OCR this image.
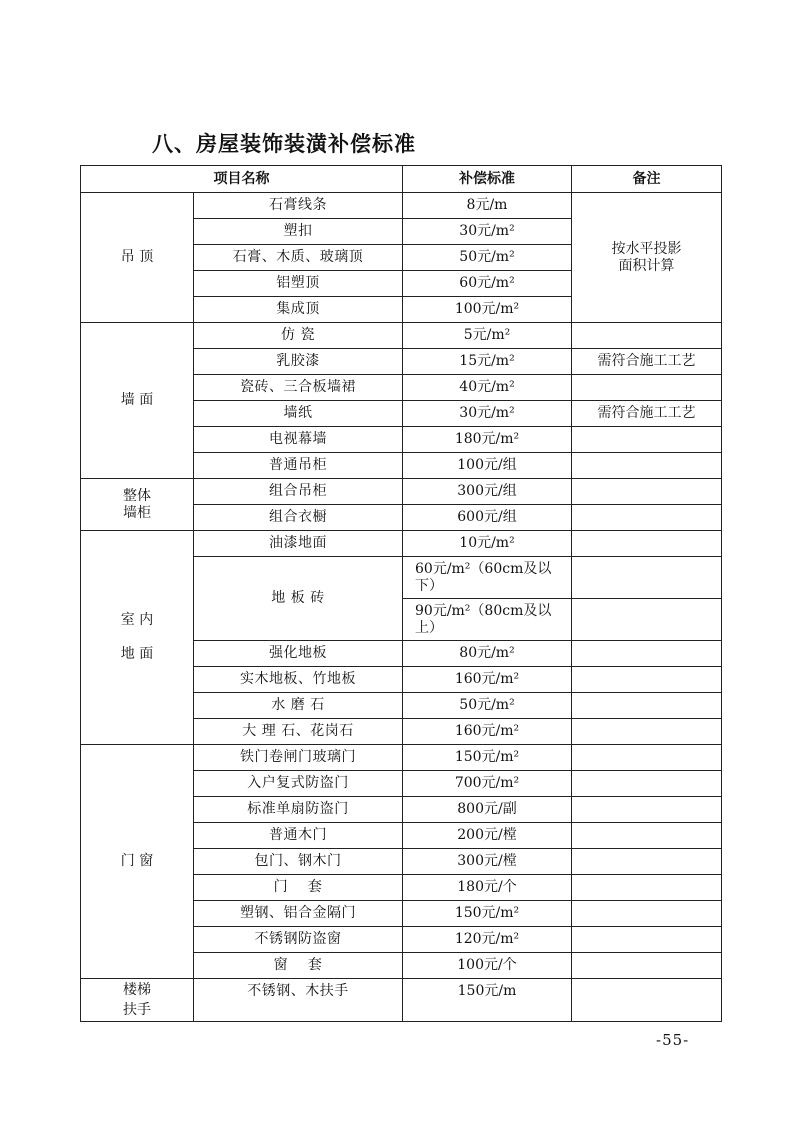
八、房屋装饰装潢补偿标准
项目名称		补偿标准	备注
吊 顶	石膏线条	8元/m	按水平投影
面积计算
	塑扣	30元/m²	
	石膏、木质、玻璃顶	50元/m²	
	铝塑顶	60元/m²	
	集成顶	100元/m²	
墙 面	仿 瓷	5元/m²	
	乳胶漆	15元/m²	需符合施工工艺
	瓷砖、三合板墙裙	40元/m²	
	墙纸	30元/m²	需符合施工工艺
	电视幕墙	180元/m²	
	普通吊柜	100元/组	
整体
墙柜	组合吊柜	300元/组	
	组合衣橱	600元/组	
室 内

地 面	油漆地面	10元/m²	
	地 板 砖	60元/m²（60cm及以下）	
		90元/m²（80cm及以上）	
	强化地板	80元/m²	
	实木地板、竹地板	160元/m²	
	水 磨 石	50元/m²	
	大 理 石、花岗石	160元/m²	
门 窗	铁门卷闸门玻璃门	150元/m²	
	入户复式防盗门	700元/m²	
	标准单扇防盗门	800元/副	
	普通木门	200元/樘	
	包门、钢木门	300元/樘	
	门    套	180元/个	
	塑钢、铝合金隔门	150元/m²	
	不锈钢防盗窗	120元/m²	
	窗    套	100元/个	
楼梯
扶手	不锈钢、木扶手	150元/m	
-55-
